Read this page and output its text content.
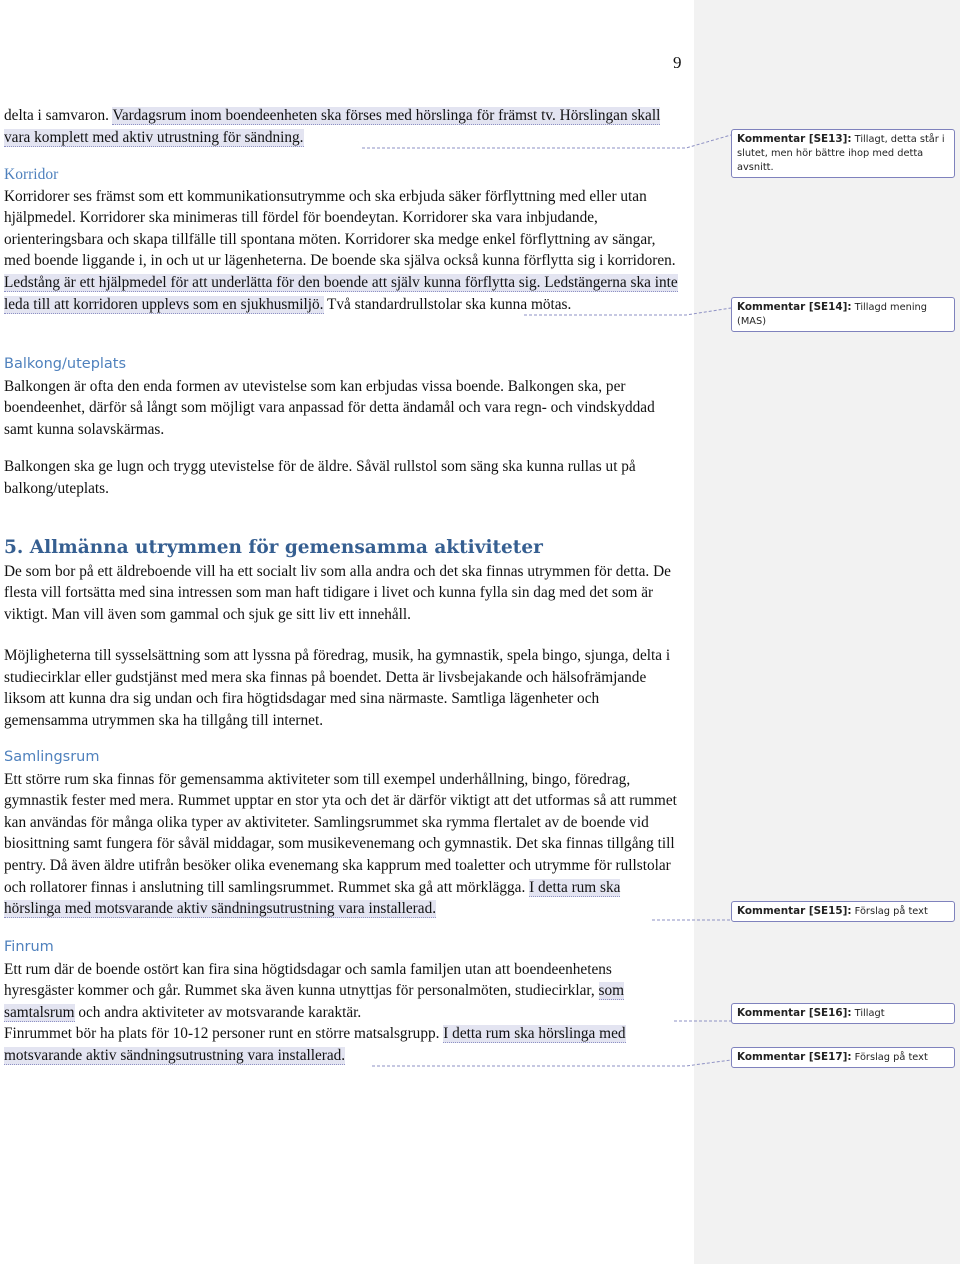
9

delta i samvaron. Vardagsrum inom boendeenheten ska förses med hörslinga för främst tv. Hörslingan skall vara komplett med aktiv utrustning för sändning.

Korridor

Korridorer ses främst som ett kommunikationsutrymme och ska erbjuda säker förflyttning med eller utan hjälpmedel. Korridorer ska minimeras till fördel för boendeytan. Korridorer ska vara inbjudande, orienteringsbara och skapa tillfälle till spontana möten. Korridorer ska medge enkel förflyttning av sängar, med boende liggande i, in och ut ur lägenheterna. De boende ska själva också kunna förflytta sig i korridoren. Ledstång är ett hjälpmedel för att underlätta för den boende att själv kunna förflytta sig. Ledstängerna ska inte leda till att korridoren upplevs som en sjukhusmiljö. Två standardrullstolar ska kunna mötas.

Balkong/uteplats

Balkongen är ofta den enda formen av utevistelse som kan erbjudas vissa boende. Balkongen ska, per boendeenhet, därför så långt som möjligt vara anpassad för detta ändamål och vara regn- och vindskyddad samt kunna solavskärmas.

Balkongen ska ge lugn och trygg utevistelse för de äldre. Såväl rullstol som säng ska kunna rullas ut på balkong/uteplats.

5. Allmänna utrymmen för gemensamma aktiviteter

De som bor på ett äldreboende vill ha ett socialt liv som alla andra och det ska finnas utrymmen för detta. De flesta vill fortsätta med sina intressen som man haft tidigare i livet och kunna fylla sin dag med det som är viktigt. Man vill även som gammal och sjuk ge sitt liv ett innehåll.

Möjligheterna till sysselsättning som att lyssna på föredrag, musik, ha gymnastik, spela bingo, sjunga, delta i studiecirklar eller gudstjänst med mera ska finnas på boendet. Detta är livsbejakande och hälsofrämjande liksom att kunna dra sig undan och fira högtidsdagar med sina närmaste. Samtliga lägenheter och gemensamma utrymmen ska ha tillgång till internet.

Samlingsrum

Ett större rum ska finnas för gemensamma aktiviteter som till exempel underhållning, bingo, föredrag, gymnastik fester med mera. Rummet upptar en stor yta och det är därför viktigt att det utformas så att rummet kan användas för många olika typer av aktiviteter. Samlingsrummet ska rymma flertalet av de boende vid biosittning samt fungera för såväl middagar, som musikevenemang och gymnastik. Det ska finnas tillgång till pentry. Då även äldre utifrån besöker olika evenemang ska kapprum med toaletter och utrymme för rullstolar och rollatorer finnas i anslutning till samlingsrummet. Rummet ska gå att mörklägga. I detta rum ska hörslinga med motsvarande aktiv sändningsutrustning vara installerad.

Finrum

Ett rum där de boende ostört kan fira sina högtidsdagar och samla familjen utan att boendeenhetens hyresgäster kommer och går. Rummet ska även kunna utnyttjas för personalmöten, studiecirklar, som samtalsrum och andra aktiviteter av motsvarande karaktär.

Finrummet bör ha plats för 10-12 personer runt en större matsalsgrupp. I detta rum ska hörslinga med motsvarande aktiv sändningsutrustning vara installerad.

Kommentar [SE13]: Tillagt, detta står i slutet, men hör bättre ihop med detta avsnitt.
Kommentar [SE14]: Tillagd mening (MAS)
Kommentar [SE15]: Förslag på text
Kommentar [SE16]: Tillagt
Kommentar [SE17]: Förslag på text
